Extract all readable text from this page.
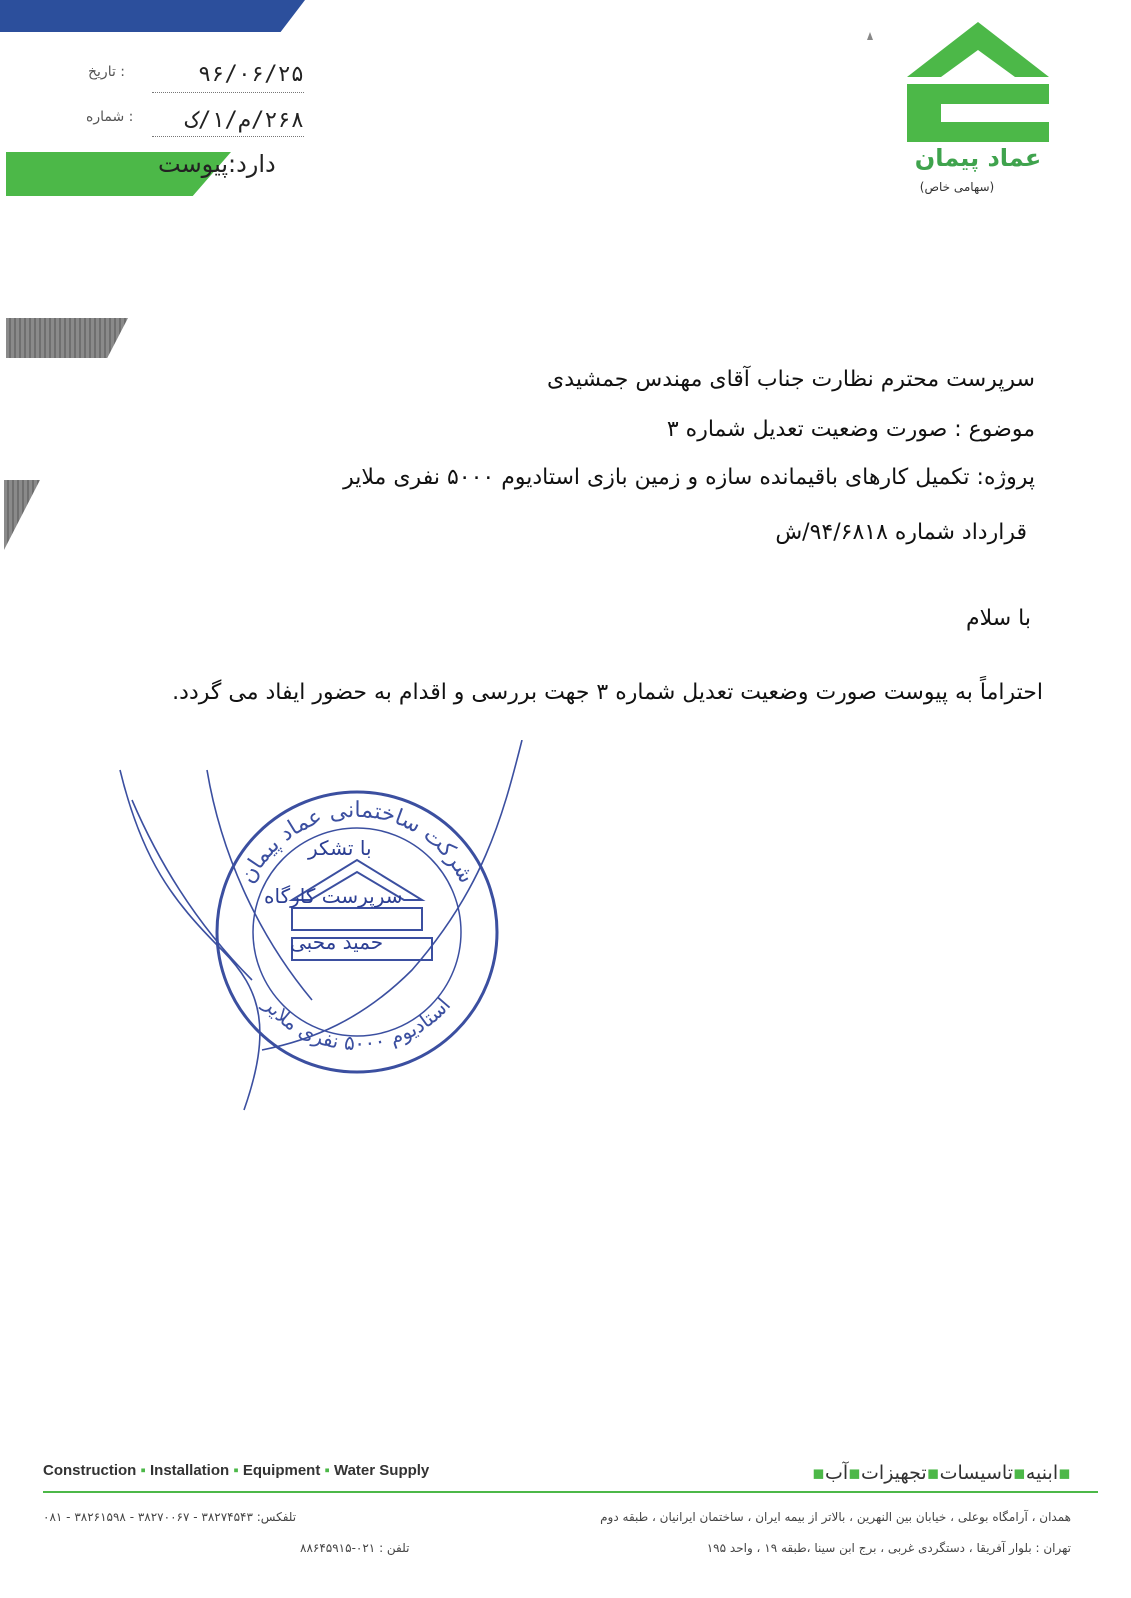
۹۶/۰۶/۲۵
: تاریخ
۲۶۸/م/۱/ک
: شماره
دارد:پیوست	عماد پیمان
(سهامی خاص)
سرپرست محترم نظارت جناب آقای مهندس جمشیدی
موضوع : صورت وضعیت تعدیل شماره ۳
پروژه: تکمیل کارهای باقیمانده سازه و زمین بازی استادیوم ۵۰۰۰ نفری ملایر
قرارداد شماره ۹۴/۶۸۱۸/ش
با سلام
احتراماً به پیوست صورت وضعیت تعدیل شماره ۳ جهت بررسی و اقدام به حضور ایفاد می گردد.
شرکت ساختمانی عماد پیمان
استادیوم ۵۰۰۰ نفری ملایر
با تشکر
سرپرست کارگاه
حمید محبی
Construction ▪ Installation ▪ Equipment ▪ Water Supply	▪ابنیه▪تاسیسات▪تجهیزات▪آب▪
همدان ، آرامگاه بوعلی ، خیابان بین النهرین ، بالاتر از بیمه ایران ، ساختمان ایرانیان ، طبقه دوم
تلفکس: ۳۸۲۷۴۵۴۳ - ۳۸۲۷۰۰۶۷ - ۳۸۲۶۱۵۹۸ - ۰۸۱
تهران : بلوار آفریقا ، دستگردی غربی ، برج ابن سینا ،طبقه ۱۹ ، واحد ۱۹۵
تلفن : ۰۲۱-۸۸۶۴۵۹۱۵
